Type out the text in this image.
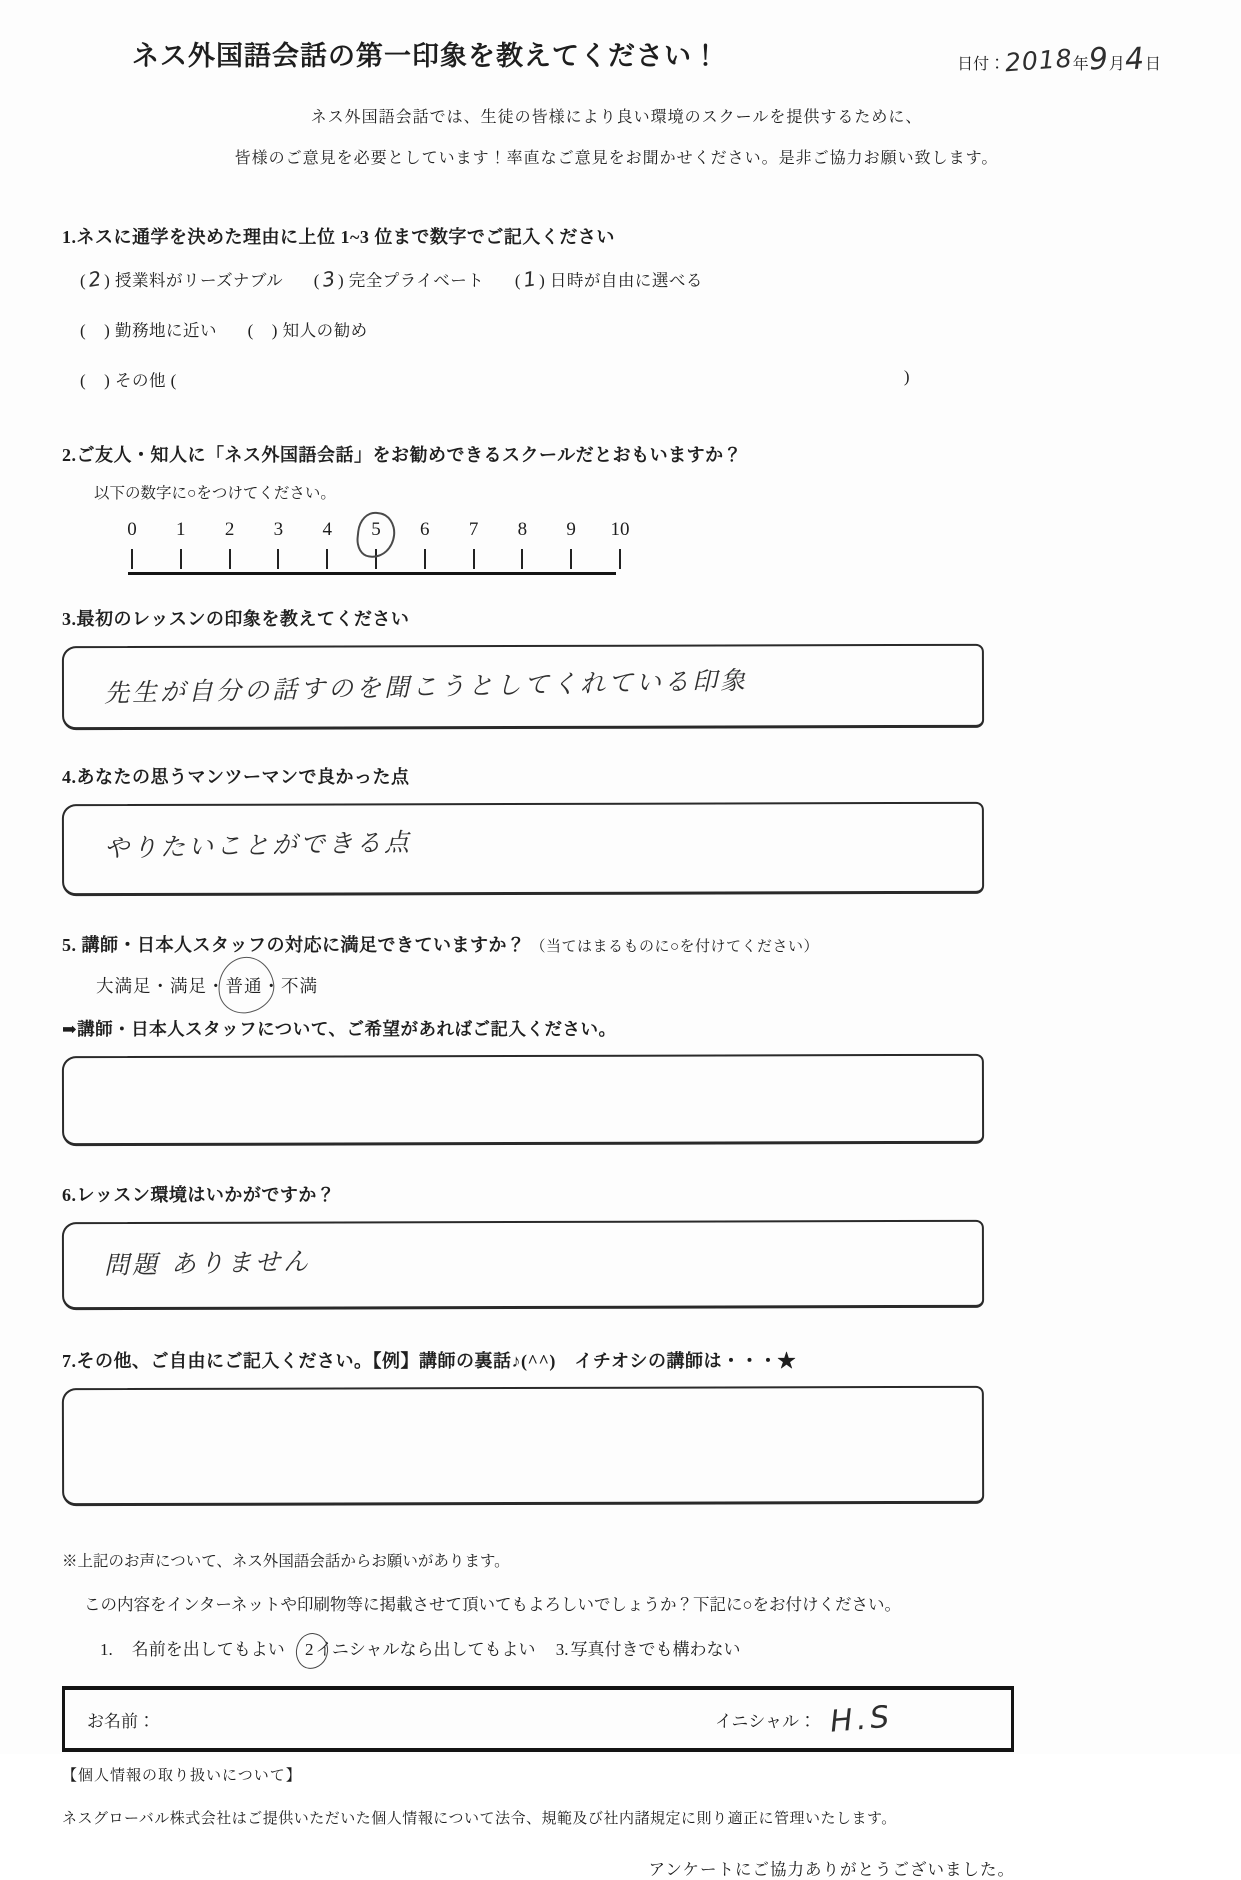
ネス外国語会話の第一印象を教えてください！	日付：2018年9月4日
ネス外国語会話では、生徒の皆様により良い環境のスクールを提供するために、
皆様のご意見を必要としています！率直なご意見をお聞かせください。是非ご協力お願い致します。
1.ネスに通学を決めた理由に上位 1~3 位まで数字でご記入ください
(2) 授業料がリーズナブル (3) 完全プライベート (1) 日時が自由に選べる
( ) 勤務地に近い ( ) 知人の勧め
( ) その他 (	)
2.ご友人・知人に「ネス外国語会話」をお勧めできるスクールだとおもいますか？
以下の数字に○をつけてください。
0	1	2	3	4	5	6	7	8	9	10
3.最初のレッスンの印象を教えてください
先生が自分の話すのを聞こうとしてくれている印象
4.あなたの思うマンツーマンで良かった点
やりたいことができる点
5. 講師・日本人スタッフの対応に満足できていますか？ （当てはまるものに○を付けてください）
大満足・満足・普通・不満
➡講師・日本人スタッフについて、ご希望があればご記入ください。
6.レッスン環境はいかがですか？
問題 ありません
7.その他、ご自由にご記入ください。【例】講師の裏話♪(^^)　イチオシの講師は・・・★
※上記のお声について、ネス外国語会話からお願いがあります。
この内容をインターネットや印刷物等に掲載させて頂いてもよろしいでしょうか？下記に○をお付けください。
1.　 名前を出してもよい 2 イニシャルなら出してもよい 3. 写真付きでも構わない
お名前：	イニシャル： H.S
【個人情報の取り扱いについて】
ネスグローバル株式会社はご提供いただいた個人情報について法令、規範及び社内諸規定に則り適正に管理いたします。
アンケートにご協力ありがとうございました。
